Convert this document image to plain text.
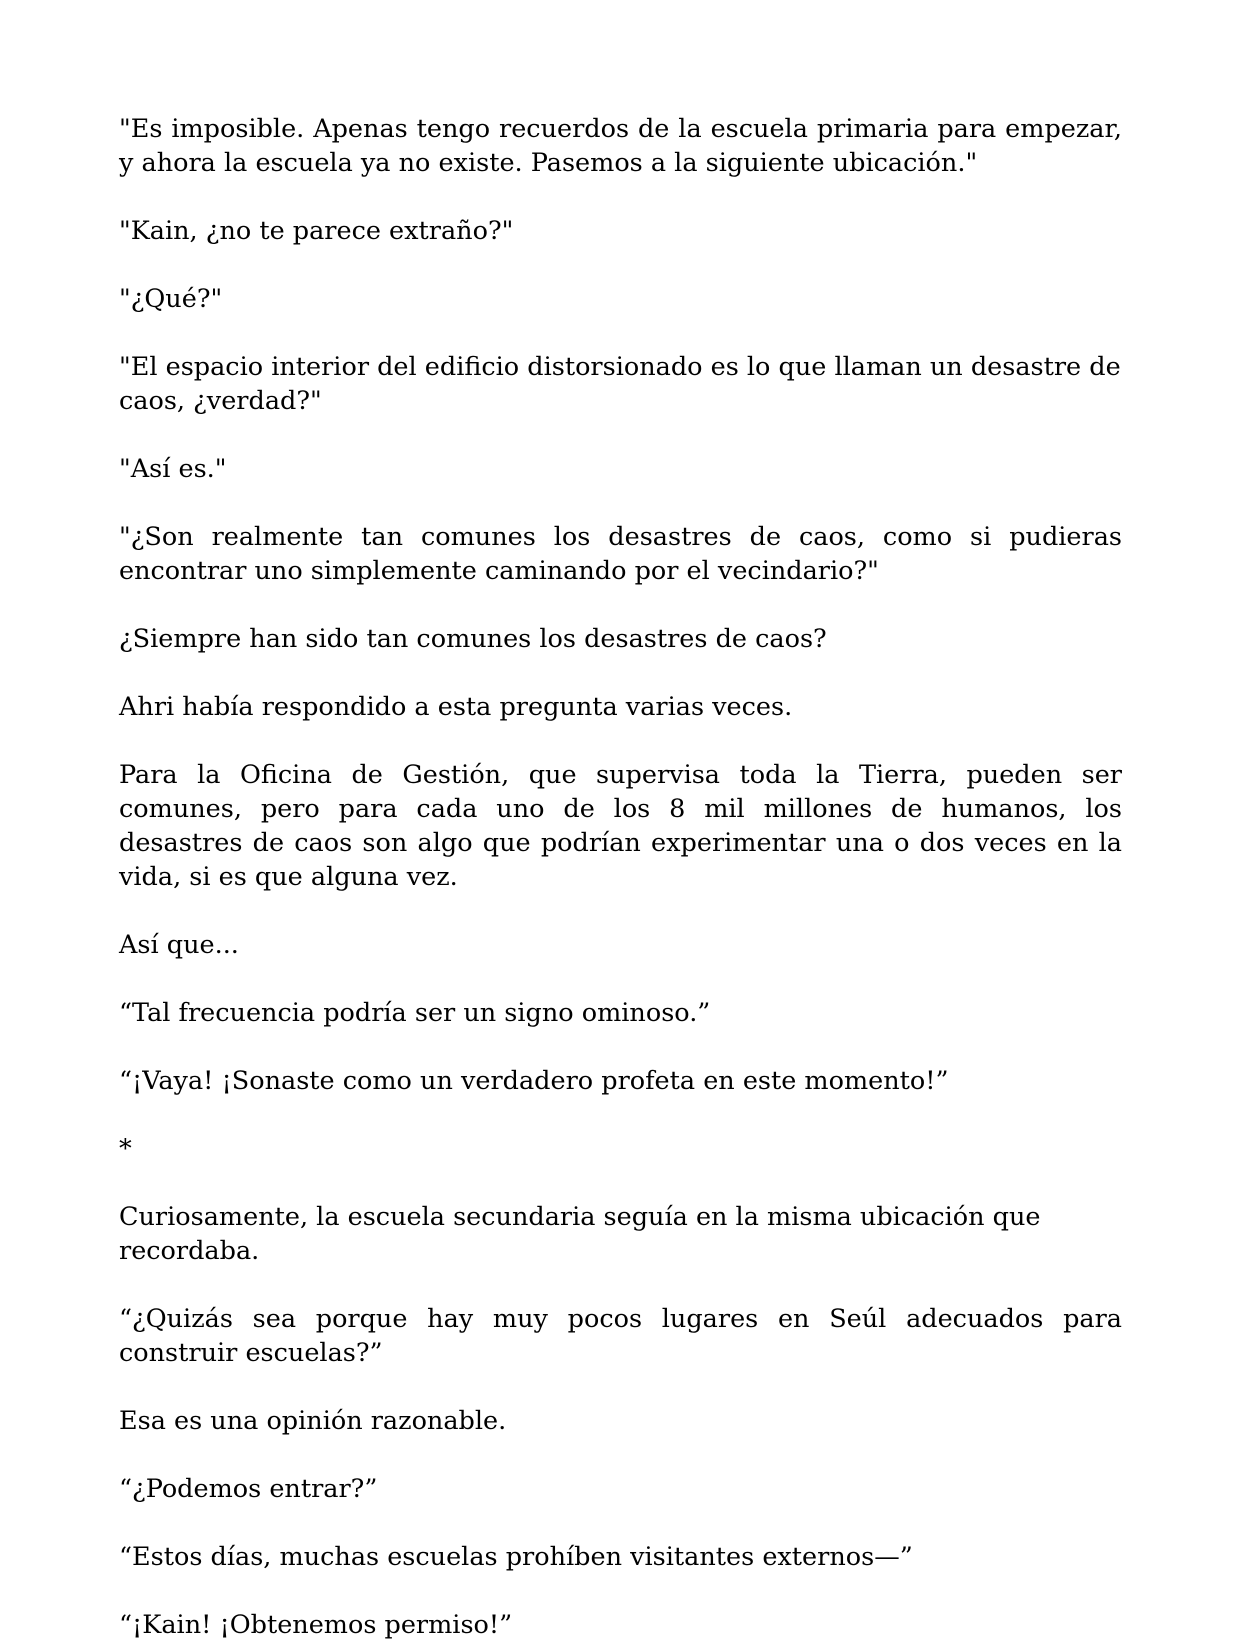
"Es imposible. Apenas tengo recuerdos de la escuela primaria para empezar, y ahora la escuela ya no existe. Pasemos a la siguiente ubicación."

"Kain, ¿no te parece extraño?"

"¿Qué?"

"El espacio interior del edificio distorsionado es lo que llaman un desastre de caos, ¿verdad?"

"Así es."

"¿Son realmente tan comunes los desastres de caos, como si pudieras encontrar uno simplemente caminando por el vecindario?"

¿Siempre han sido tan comunes los desastres de caos?

Ahri había respondido a esta pregunta varias veces.

Para la Oficina de Gestión, que supervisa toda la Tierra, pueden ser comunes, pero para cada uno de los 8 mil millones de humanos, los desastres de caos son algo que podrían experimentar una o dos veces en la vida, si es que alguna vez.

Así que...

“Tal frecuencia podría ser un signo ominoso.”

“¡Vaya! ¡Sonaste como un verdadero profeta en este momento!”

*

Curiosamente, la escuela secundaria seguía en la misma ubicación que recordaba.

“¿Quizás sea porque hay muy pocos lugares en Seúl adecuados para construir escuelas?”

Esa es una opinión razonable.

“¿Podemos entrar?”

“Estos días, muchas escuelas prohíben visitantes externos—”

“¡Kain! ¡Obtenemos permiso!”
